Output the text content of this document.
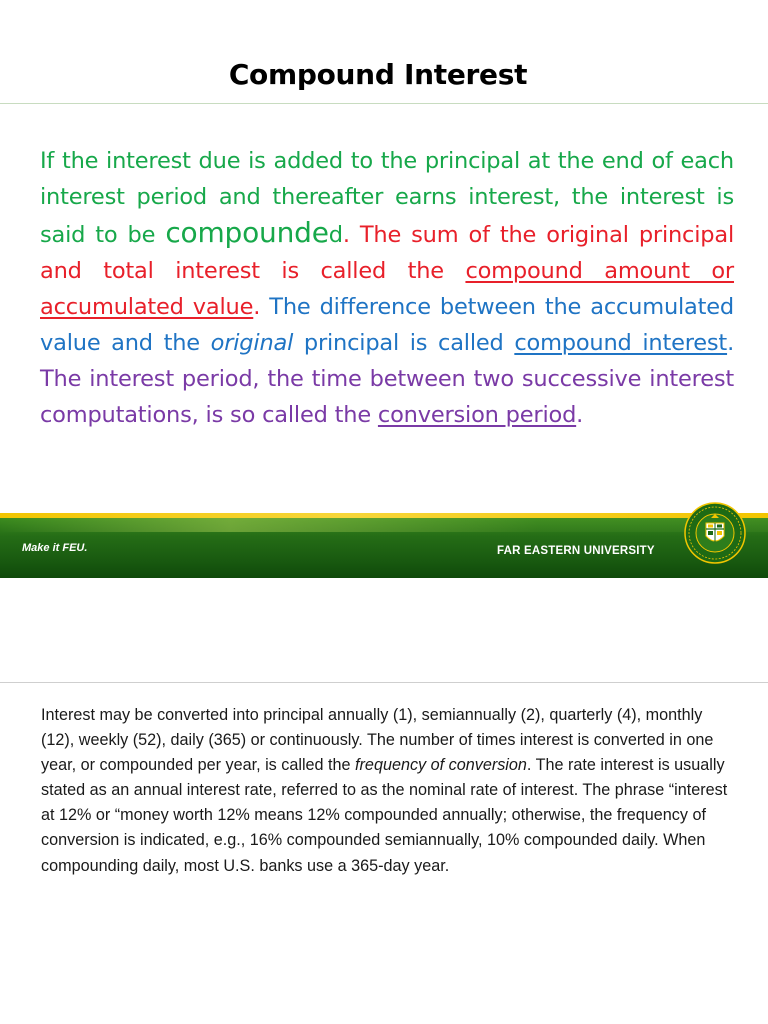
Compound Interest

If the interest due is added to the principal at the end of each interest period and thereafter earns interest, the interest is said to be compounded. The sum of the original principal and total interest is called the compound amount or accumulated value. The difference between the accumulated value and the original principal is called compound interest. The interest period, the time between two successive interest computations, is so called the conversion period.

Make it FEU.	FAR EASTERN UNIVERSITY

Interest may be converted into principal annually (1), semiannually (2), quarterly (4), monthly (12), weekly (52), daily (365) or continuously. The number of times interest is converted in one year, or compounded per year, is called the frequency of conversion. The rate interest is usually stated as an annual interest rate, referred to as the nominal rate of interest. The phrase “interest at 12% or “money worth 12% means 12% compounded annually; otherwise, the frequency of conversion is indicated, e.g., 16% compounded semiannually, 10% compounded daily. When compounding daily, most U.S. banks use a 365-day year.
